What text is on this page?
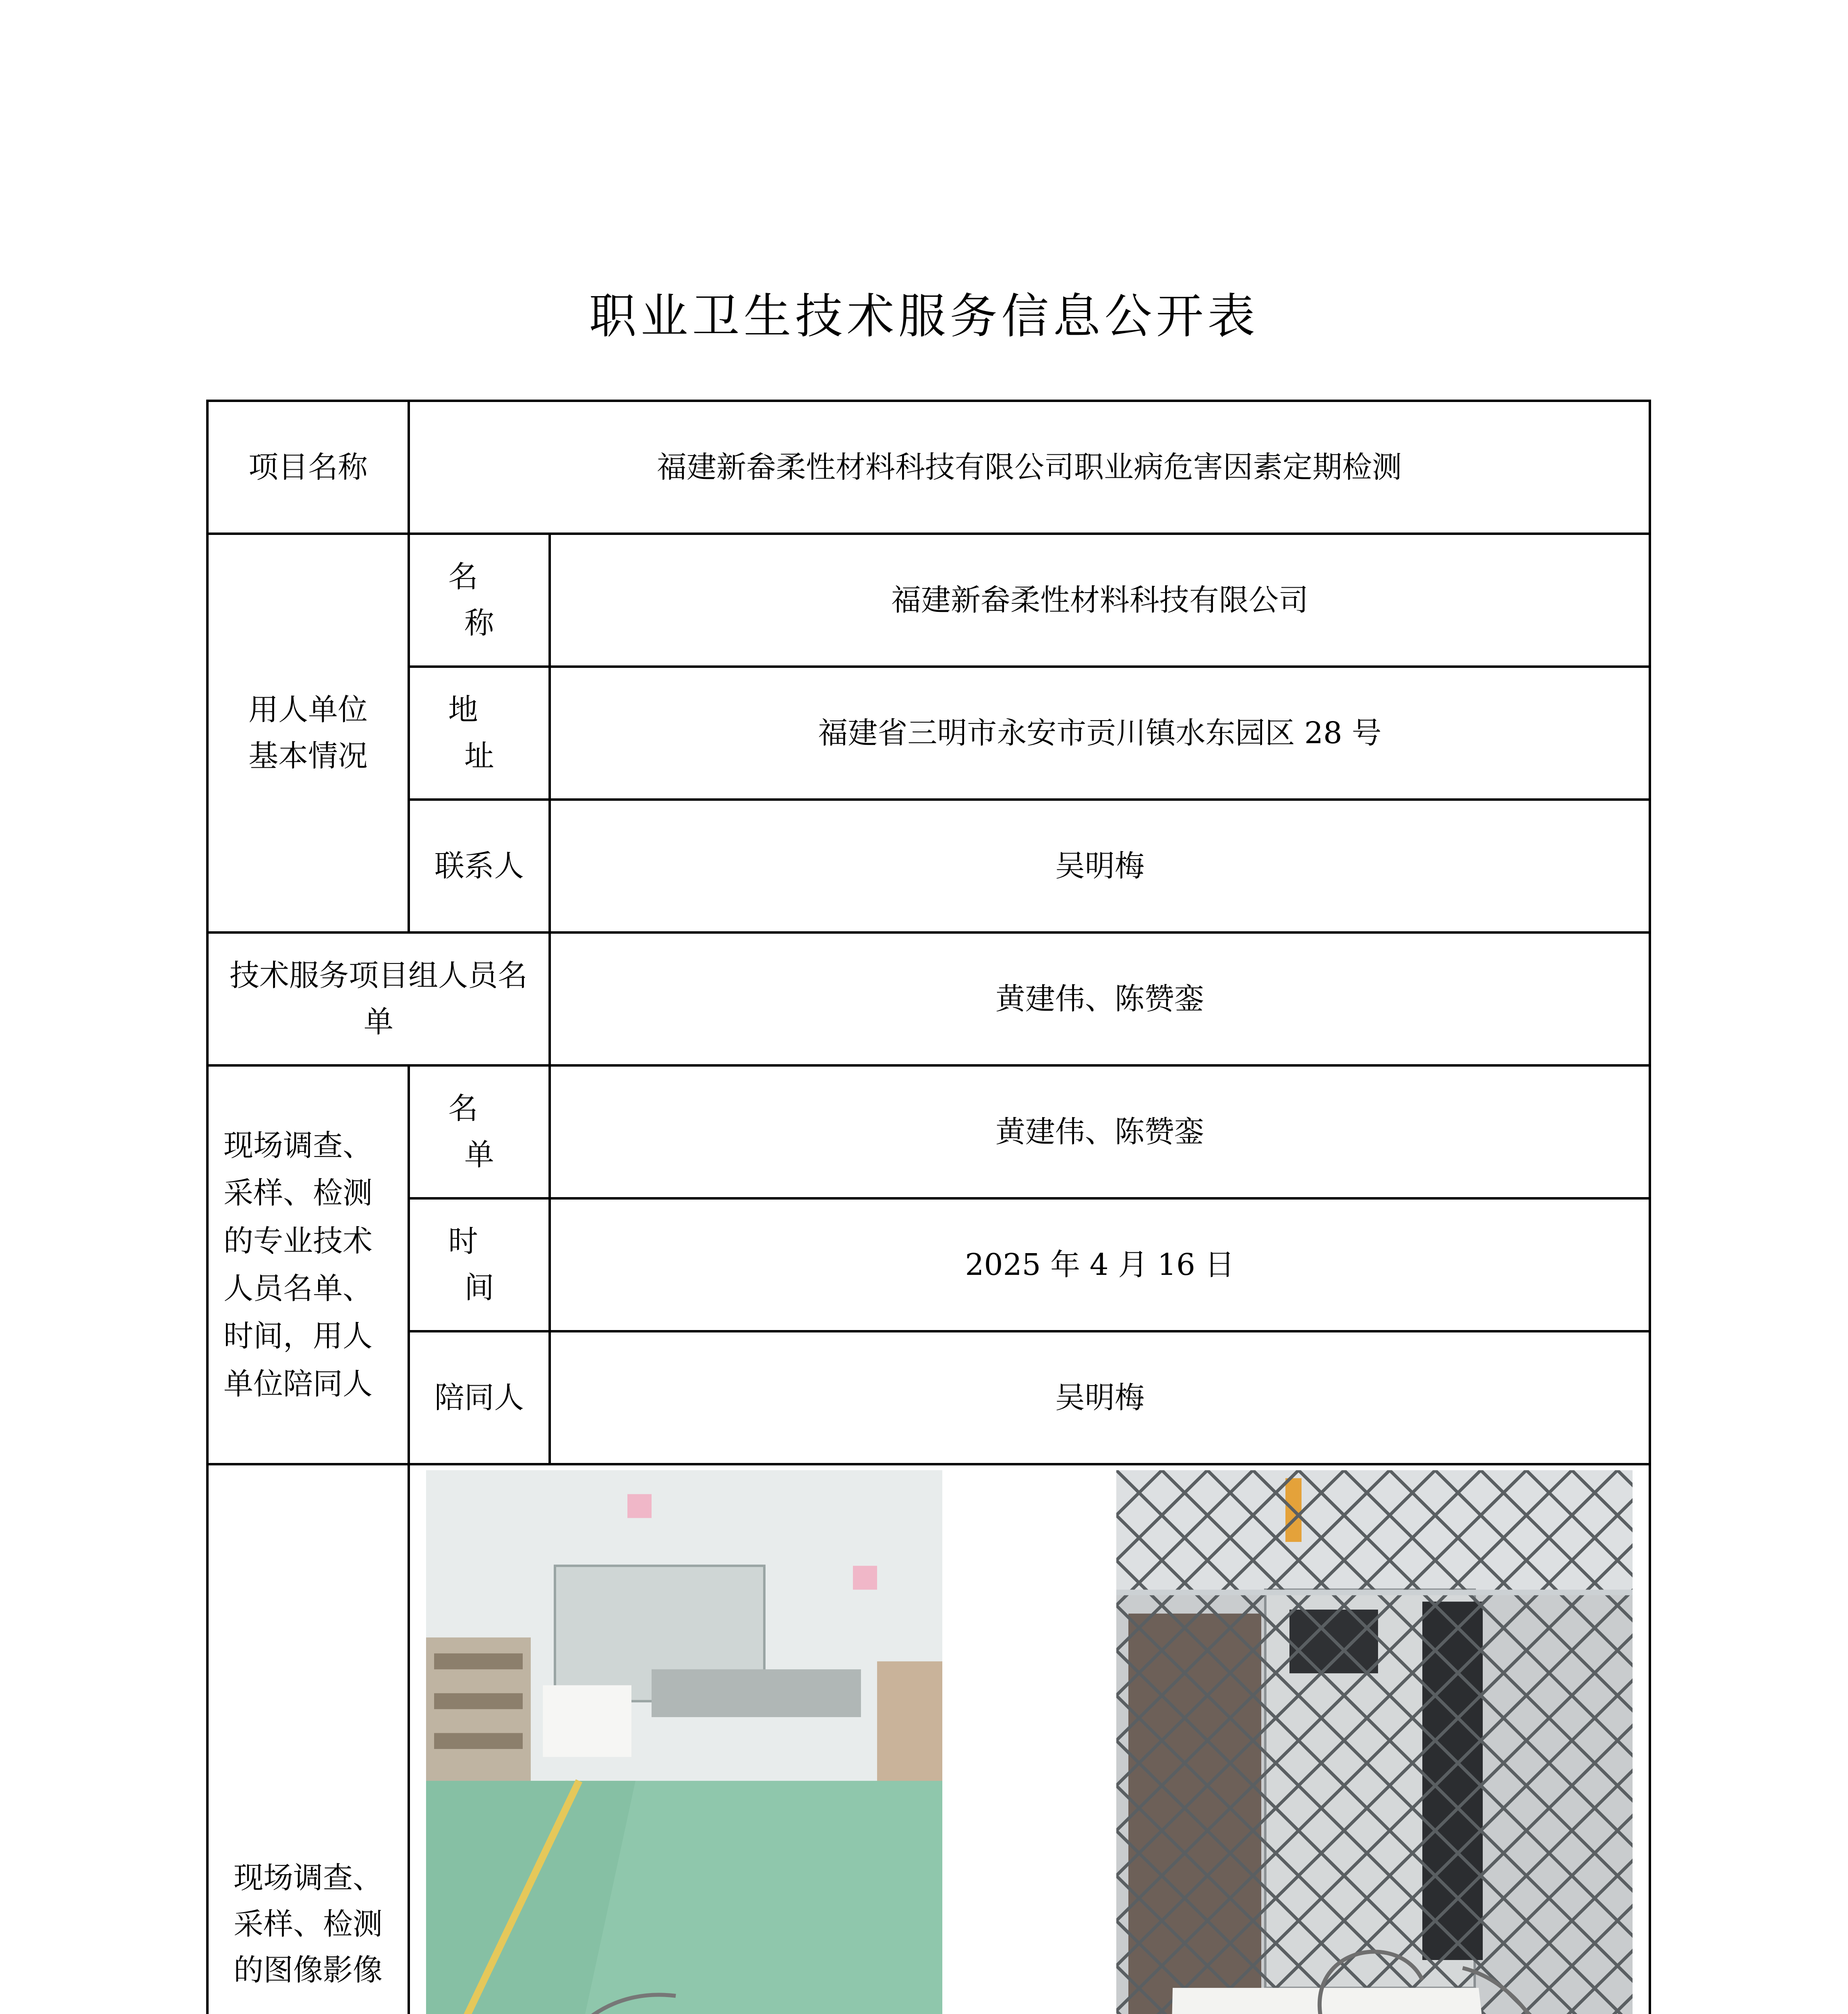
职业卫生技术服务信息公开表
项目名称	福建新畚柔性材料科技有限公司职业病危害因素定期检测	
用人单位基本情况	名 称	福建新畚柔性材料科技有限公司
	地 址	福建省三明市永安市贡川镇水东园区 28 号
	联系人	吴明梅
技术服务项目组人员名单		黄建伟、陈赞銮
现场调查、采样、检测的专业技术人员名单、时间，用人单位陪同人	名 单	黄建伟、陈赞銮
	时 间	2025 年 4 月 16 日
	陪同人	吴明梅
现场调查、采样、检测的图像影像	
